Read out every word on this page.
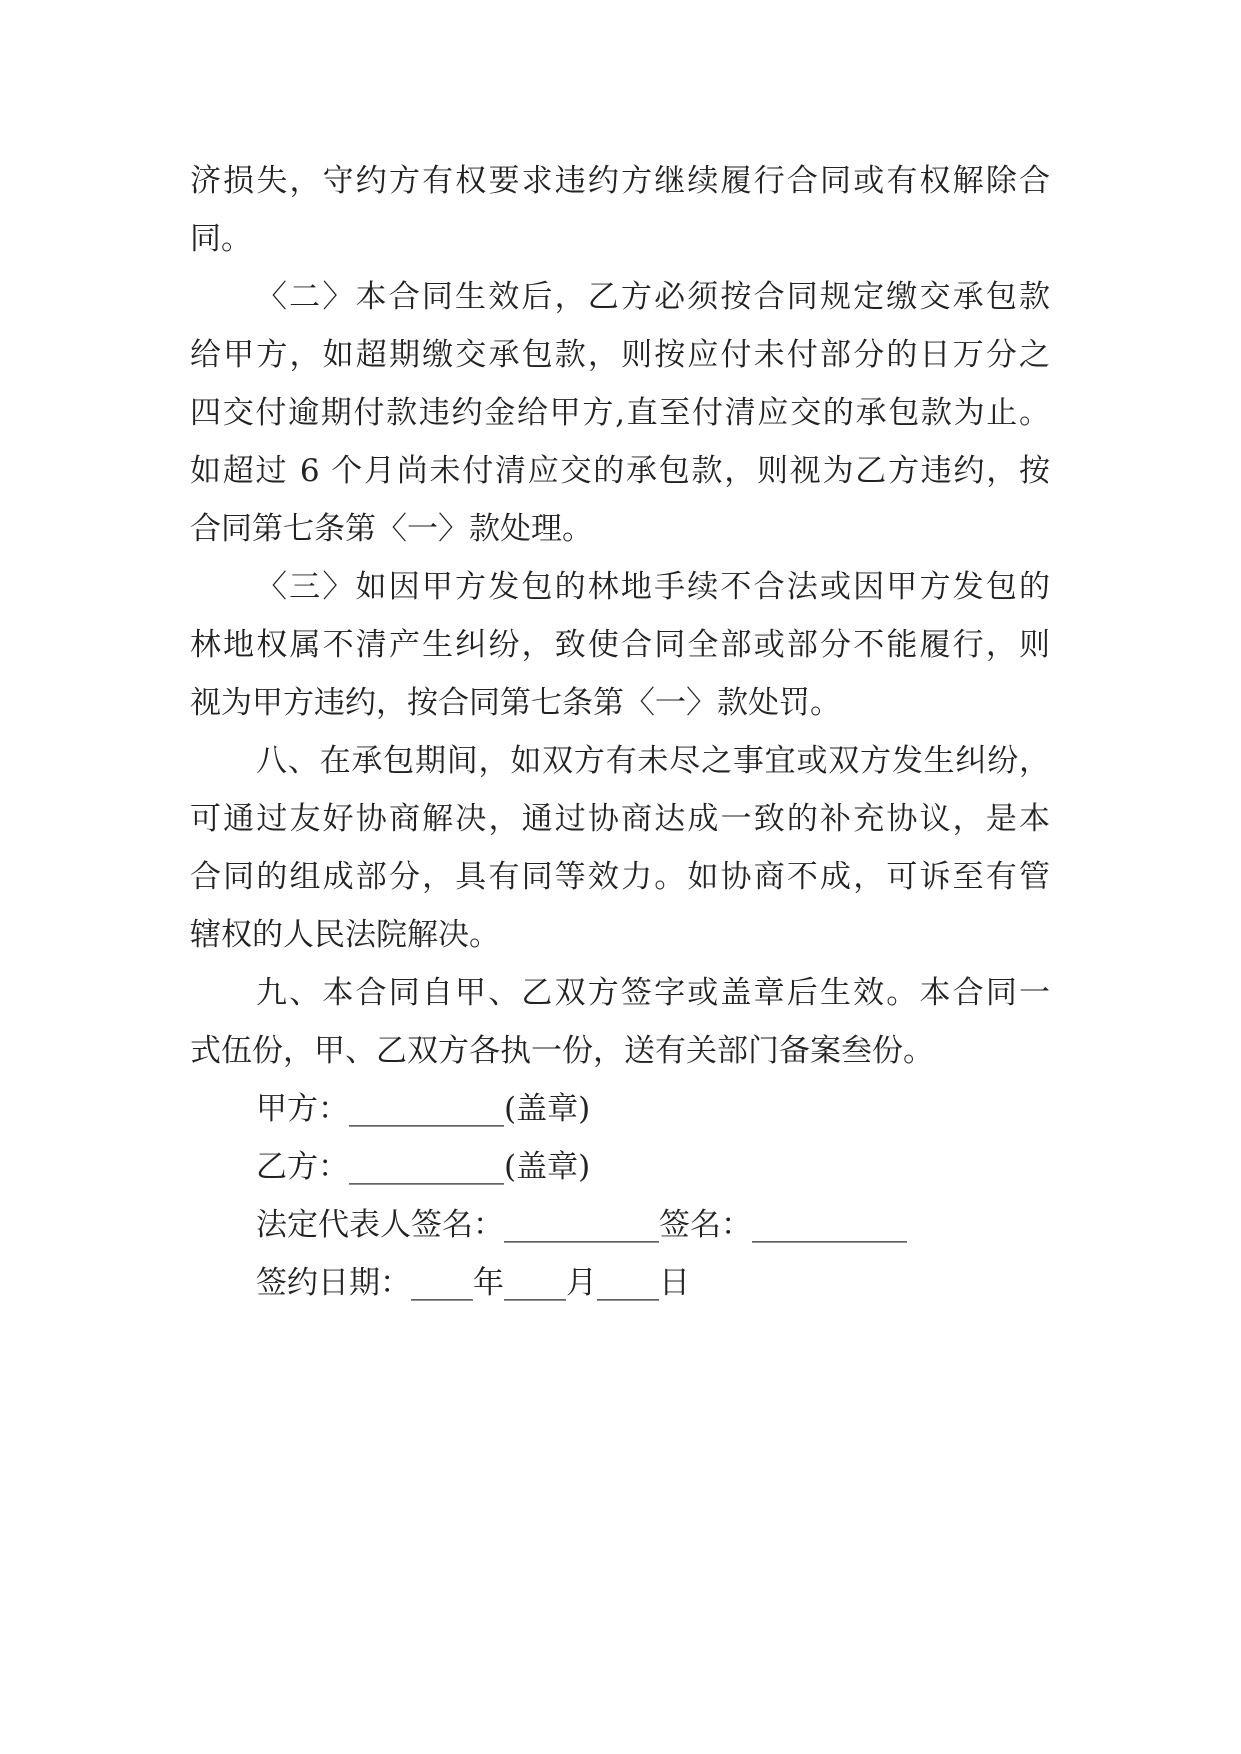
济损失，守约方有权要求违约方继续履行合同或有权解除合
同。
〈二〉本合同生效后，乙方必须按合同规定缴交承包款
给甲方，如超期缴交承包款，则按应付未付部分的日万分之
四交付逾期付款违约金给甲方,直至付清应交的承包款为止。
如超过 6 个月尚未付清应交的承包款，则视为乙方违约，按
合同第七条第〈一〉款处理。
〈三〉如因甲方发包的林地手续不合法或因甲方发包的
林地权属不清产生纠纷，致使合同全部或部分不能履行，则
视为甲方违约，按合同第七条第〈一〉款处罚。
八、在承包期间，如双方有未尽之事宜或双方发生纠纷，
可通过友好协商解决，通过协商达成一致的补充协议，是本
合同的组成部分，具有同等效力。如协商不成，可诉至有管
辖权的人民法院解决。
九、本合同自甲、乙双方签字或盖章后生效。本合同一
式伍份，甲、乙双方各执一份，送有关部门备案叁份。
甲方：__________(盖章)
乙方：__________(盖章)
法定代表人签名：__________签名：__________
签约日期：____年____月____日
